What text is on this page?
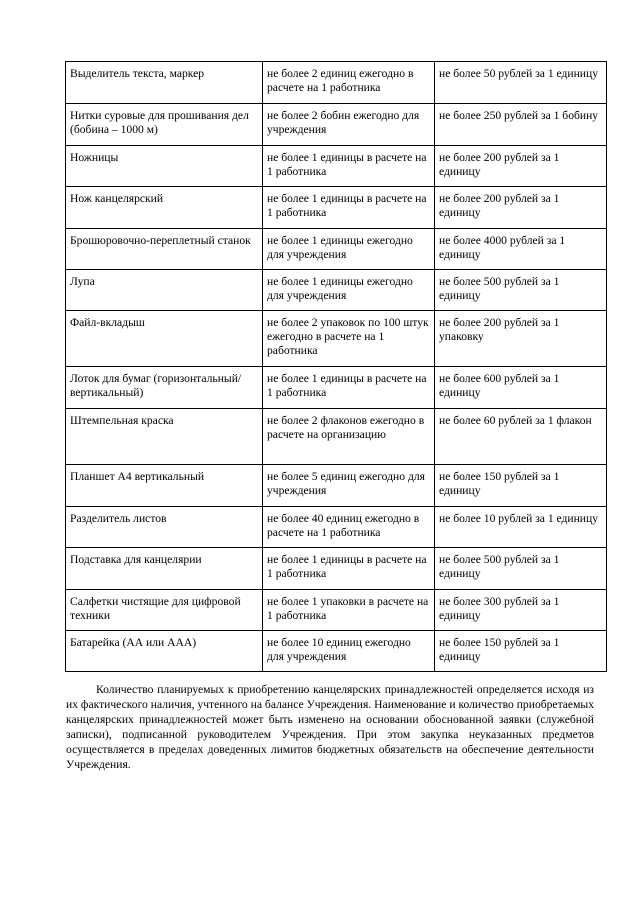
Выделитель текста, маркер	не более 2 единиц ежегодно в расчете на 1 работника	не более 50 рублей за 1 единицу
Нитки суровые для прошивания дел (бобина – 1000 м)	не более 2 бобин ежегодно для учреждения	не более 250 рублей за 1 бобину
Ножницы	не более 1 единицы в расчете на 1 работника	не более 200 рублей за 1 единицу
Нож канцелярский	не более 1 единицы в расчете на 1 работника	не более 200 рублей за 1 единицу
Брошюровочно-переплетный станок	не более 1 единицы ежегодно для учреждения	не более 4000 рублей за 1 единицу
Лупа	не более 1 единицы ежегодно для учреждения	не более 500 рублей за 1 единицу
Файл-вкладыш	не более 2 упаковок по 100 штук ежегодно в расчете на 1 работника	не более 200 рублей за 1 упаковку
Лоток для бумаг (горизонтальный/вертикальный)	не более 1 единицы в расчете на 1 работника	не более 600 рублей за 1 единицу
Штемпельная краска	не более 2 флаконов ежегодно в расчете на организацию	не более 60 рублей за 1 флакон
Планшет А4 вертикальный	не более 5 единиц ежегодно для учреждения	не более 150 рублей за 1 единицу
Разделитель листов	не более 40 единиц ежегодно в расчете на 1 работника	не более 10 рублей за 1 единицу
Подставка для канцелярии	не более 1 единицы в расчете на 1 работника	не более 500 рублей за 1 единицу
Салфетки чистящие для цифровой техники	не более 1 упаковки в расчете на 1 работника	не более 300 рублей за 1 единицу
Батарейка (АА или ААА)	не более 10 единиц ежегодно для учреждения	не более 150 рублей за 1 единицу

Количество планируемых к приобретению канцелярских принадлежностей определяется исходя из их фактического наличия, учтенного на балансе Учреждения. Наименование и количество приобретаемых канцелярских принадлежностей может быть изменено на основании обоснованной заявки (служебной записки), подписанной руководителем Учреждения. При этом закупка неуказанных предметов осуществляется в пределах доведенных лимитов бюджетных обязательств на обеспечение деятельности Учреждения.
